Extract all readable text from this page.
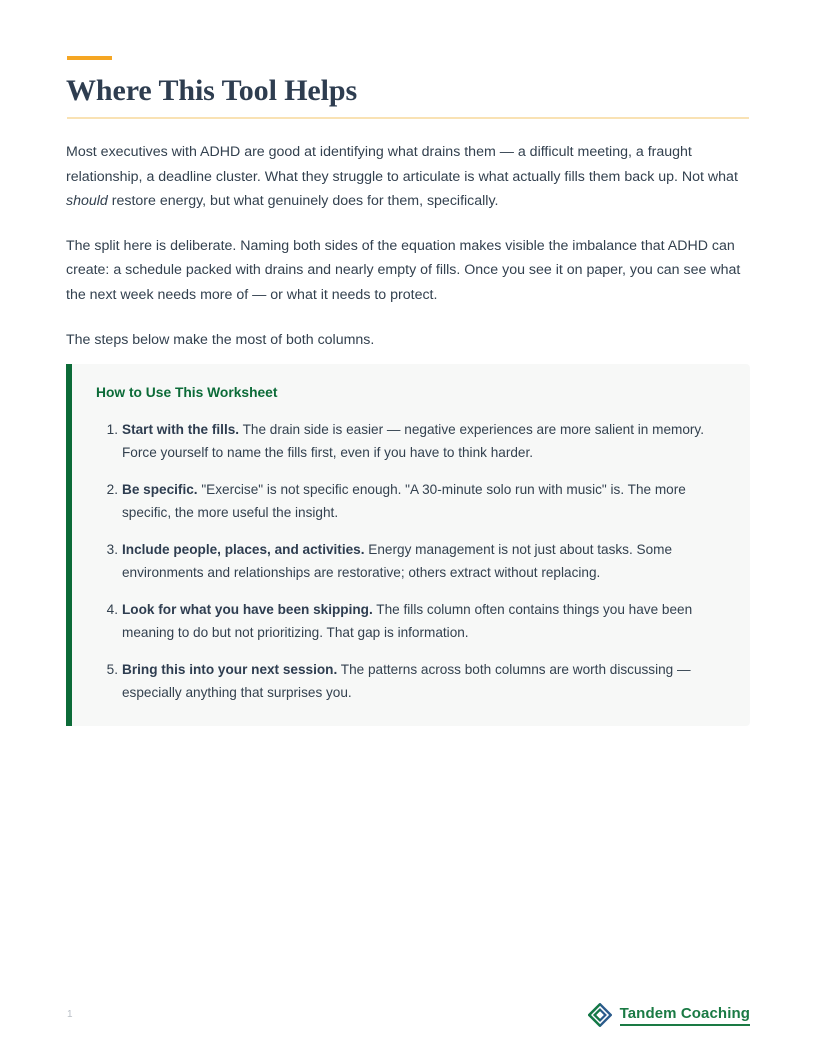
Where This Tool Helps

Most executives with ADHD are good at identifying what drains them — a difficult meeting, a fraught relationship, a deadline cluster. What they struggle to articulate is what actually fills them back up. Not what should restore energy, but what genuinely does for them, specifically.

The split here is deliberate. Naming both sides of the equation makes visible the imbalance that ADHD can create: a schedule packed with drains and nearly empty of fills. Once you see it on paper, you can see what the next week needs more of — or what it needs to protect.

The steps below make the most of both columns.

How to Use This Worksheet
Start with the fills. The drain side is easier — negative experiences are more salient in memory. Force yourself to name the fills first, even if you have to think harder.
Be specific. "Exercise" is not specific enough. "A 30-minute solo run with music" is. The more specific, the more useful the insight.
Include people, places, and activities. Energy management is not just about tasks. Some environments and relationships are restorative; others extract without replacing.
Look for what you have been skipping. The fills column often contains things you have been meaning to do but not prioritizing. That gap is information.
Bring this into your next session. The patterns across both columns are worth discussing — especially anything that surprises you.
1	Tandem Coaching
